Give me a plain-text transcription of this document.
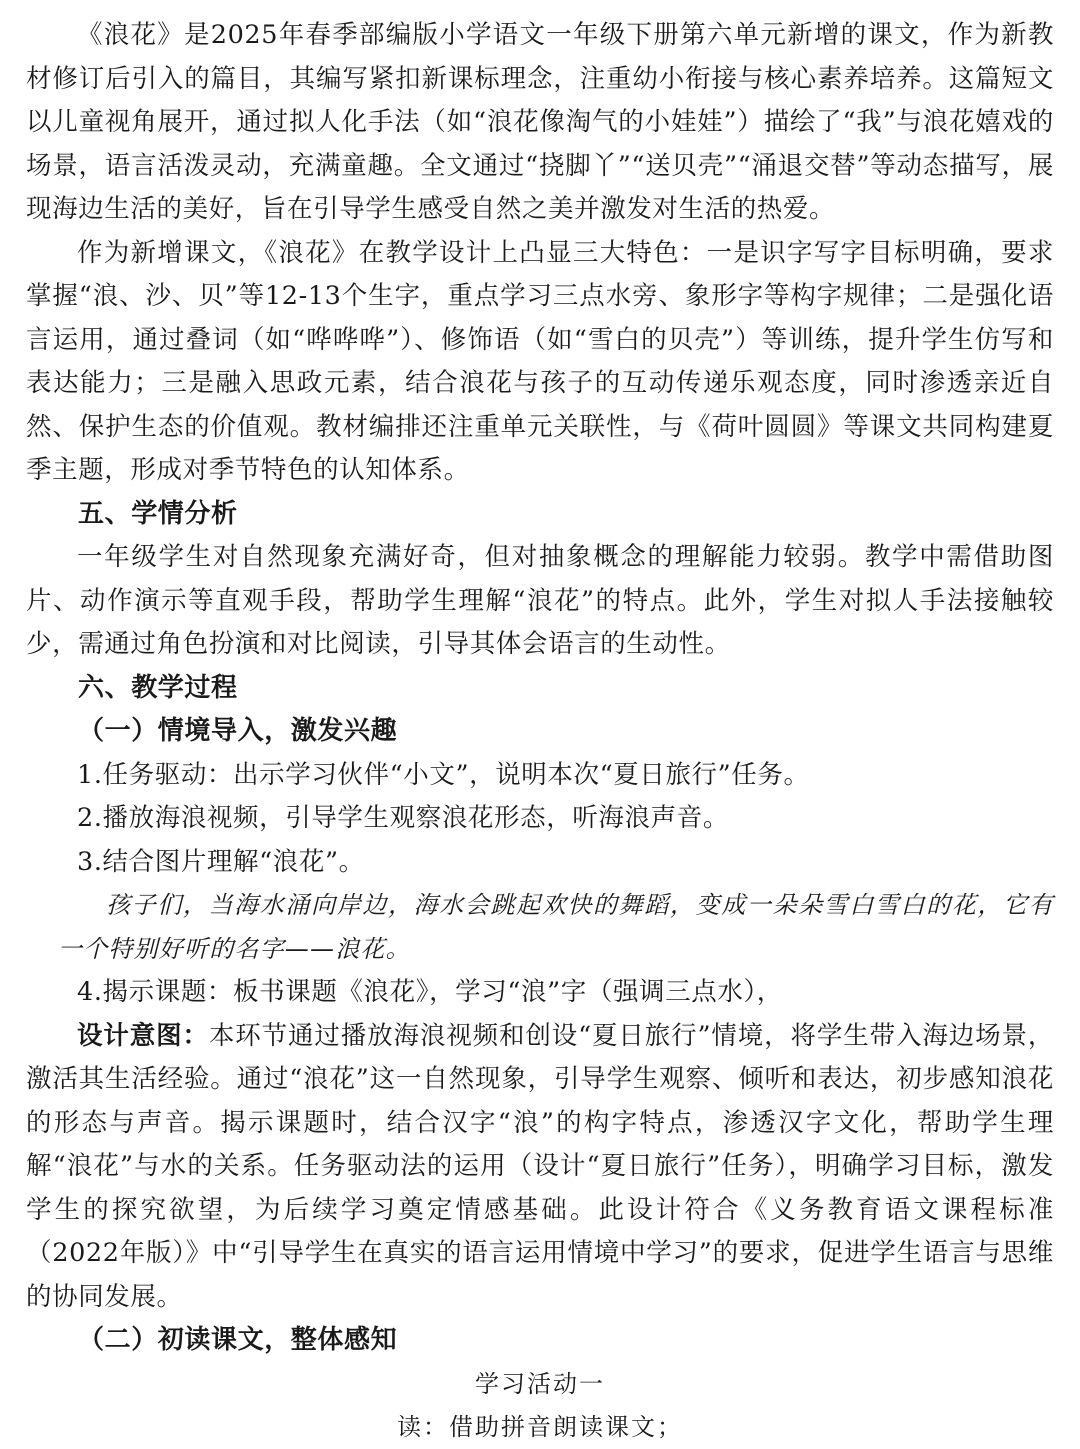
《浪花》是2025年春季部编版小学语文一年级下册第六单元新增的课文，作为新教材修订后引入的篇目，其编写紧扣新课标理念，注重幼小衔接与核心素养培养。这篇短文以儿童视角展开，通过拟人化手法（如“浪花像淘气的小娃娃”）描绘了“我”与浪花嬉戏的场景，语言活泼灵动，充满童趣。全文通过“挠脚丫”“送贝壳”“涌退交替”等动态描写，展现海边生活的美好，旨在引导学生感受自然之美并激发对生活的热爱。

作为新增课文，《浪花》在教学设计上凸显三大特色：一是识字写字目标明确，要求掌握“浪、沙、贝”等12-13个生字，重点学习三点水旁、象形字等构字规律；二是强化语言运用，通过叠词（如“哗哗哗”）、修饰语（如“雪白的贝壳”）等训练，提升学生仿写和表达能力；三是融入思政元素，结合浪花与孩子的互动传递乐观态度，同时渗透亲近自然、保护生态的价值观。教材编排还注重单元关联性，与《荷叶圆圆》等课文共同构建夏季主题，形成对季节特色的认知体系。

五、学情分析

一年级学生对自然现象充满好奇，但对抽象概念的理解能力较弱。教学中需借助图片、动作演示等直观手段，帮助学生理解“浪花”的特点。此外，学生对拟人手法接触较少，需通过角色扮演和对比阅读，引导其体会语言的生动性。

六、教学过程

（一）情境导入，激发兴趣

1.任务驱动：出示学习伙伴“小文”，说明本次“夏日旅行”任务。

2.播放海浪视频，引导学生观察浪花形态，听海浪声音。

3.结合图片理解“浪花”。

孩子们，当海水涌向岸边，海水会跳起欢快的舞蹈，变成一朵朵雪白雪白的花，它有一个特别好听的名字——浪花。

4.揭示课题：板书课题《浪花》，学习“浪”字（强调三点水），

设计意图：本环节通过播放海浪视频和创设“夏日旅行”情境，将学生带入海边场景，激活其生活经验。通过“浪花”这一自然现象，引导学生观察、倾听和表达，初步感知浪花的形态与声音。揭示课题时，结合汉字“浪”的构字特点，渗透汉字文化，帮助学生理解“浪花”与水的关系。任务驱动法的运用（设计“夏日旅行”任务），明确学习目标，激发学生的探究欲望，为后续学习奠定情感基础。此设计符合《义务教育语文课程标准（2022年版）》中“引导学生在真实的语言运用情境中学习”的要求，促进学生语言与思维的协同发展。

（二）初读课文，整体感知

学习活动一

读：借助拼音朗读课文；
